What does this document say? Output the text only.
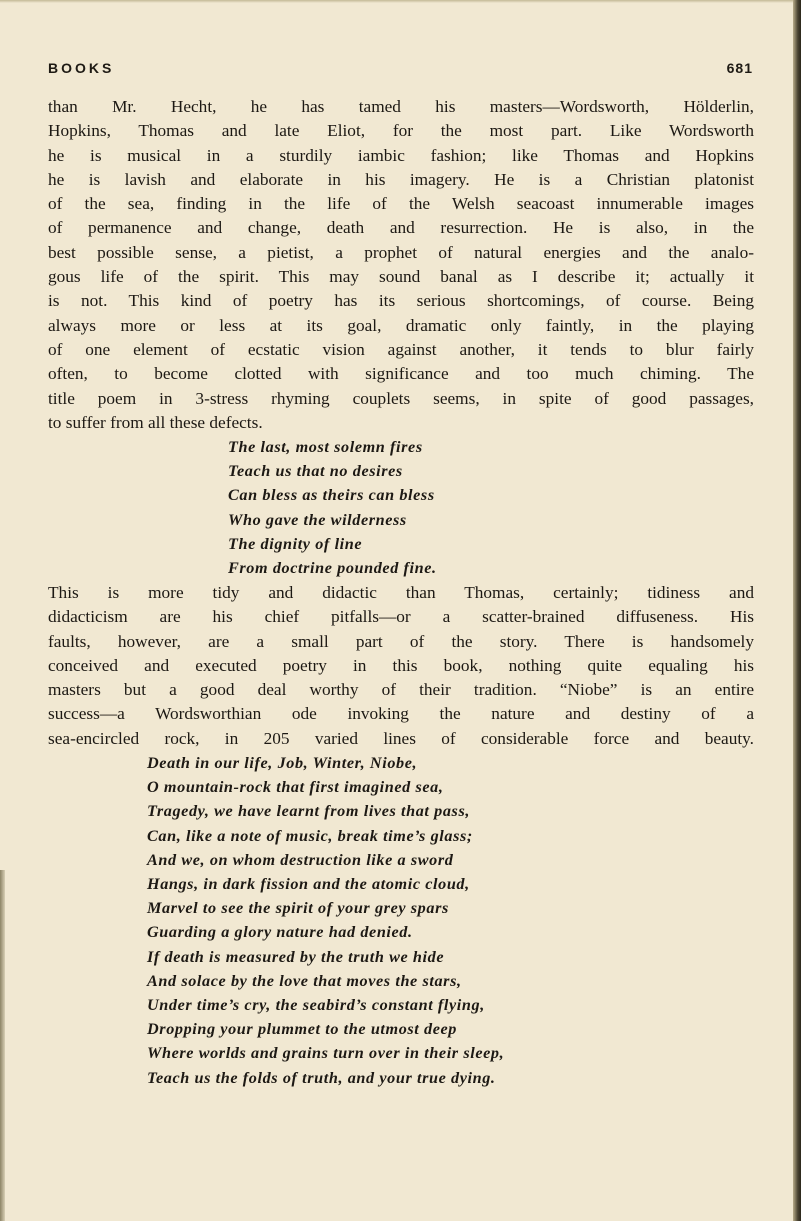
BOOKS	681
than Mr. Hecht, he has tamed his masters—Wordsworth, Hölderlin,
Hopkins, Thomas and late Eliot, for the most part. Like Wordsworth
he is musical in a sturdily iambic fashion; like Thomas and Hopkins
he is lavish and elaborate in his imagery. He is a Christian platonist
of the sea, finding in the life of the Welsh seacoast innumerable images
of permanence and change, death and resurrection. He is also, in the
best possible sense, a pietist, a prophet of natural energies and the analo-
gous life of the spirit. This may sound banal as I describe it; actually it
is not. This kind of poetry has its serious shortcomings, of course. Being
always more or less at its goal, dramatic only faintly, in the playing
of one element of ecstatic vision against another, it tends to blur fairly
often, to become clotted with significance and too much chiming. The
title poem in 3-stress rhyming couplets seems, in spite of good passages,
to suffer from all these defects.
The last, most solemn fires
Teach us that no desires
Can bless as theirs can bless
Who gave the wilderness
The dignity of line
From doctrine pounded fine.
This is more tidy and didactic than Thomas, certainly; tidiness and
didacticism are his chief pitfalls—or a scatter-brained diffuseness. His
faults, however, are a small part of the story. There is handsomely
conceived and executed poetry in this book, nothing quite equaling his
masters but a good deal worthy of their tradition. “Niobe” is an entire
success—a Wordsworthian ode invoking the nature and destiny of a
sea-encircled rock, in 205 varied lines of considerable force and beauty.
Death in our life, Job, Winter, Niobe,
O mountain-rock that first imagined sea,
Tragedy, we have learnt from lives that pass,
Can, like a note of music, break time’s glass;
And we, on whom destruction like a sword
Hangs, in dark fission and the atomic cloud,
Marvel to see the spirit of your grey spars
Guarding a glory nature had denied.
If death is measured by the truth we hide
And solace by the love that moves the stars,
Under time’s cry, the seabird’s constant flying,
Dropping your plummet to the utmost deep
Where worlds and grains turn over in their sleep,
Teach us the folds of truth, and your true dying.
